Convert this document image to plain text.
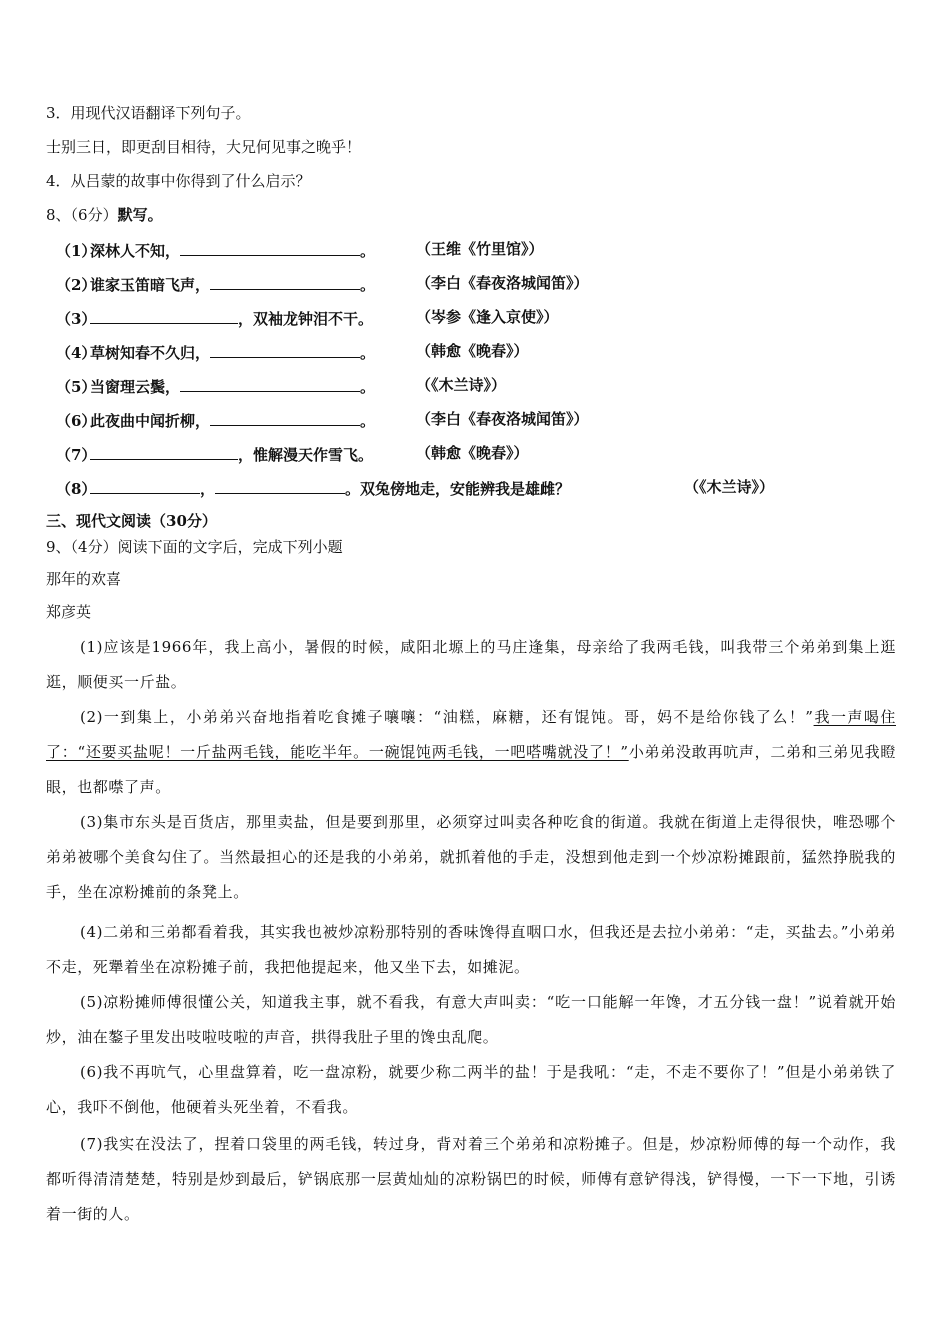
3．用现代汉语翻译下列句子。
士别三日，即更刮目相待，大兄何见事之晚乎！
4．从吕蒙的故事中你得到了什么启示？
8、（6分）默写。
（1）深林人不知，	。	（王维《竹里馆》）
（2）谁家玉笛暗飞声，	。	（李白《春夜洛城闻笛》）
（3）	，双袖龙钟泪不干。	（岑参《逢入京使》）
（4）草树知春不久归，	。	（韩愈《晚春》）
（5）当窗理云鬓，	。	（《木兰诗》）
（6）此夜曲中闻折柳，	。	（李白《春夜洛城闻笛》）
（7）	，惟解漫天作雪飞。	（韩愈《晚春》）
（8）	，	。双兔傍地走，安能辨我是雄雌？	（《木兰诗》）
三、现代文阅读（30分）
9、（4分）阅读下面的文字后，完成下列小题
那年的欢喜
郑彦英
(1)应该是1966年，我上高小，暑假的时候，咸阳北塬上的马庄逢集，母亲给了我两毛钱，叫我带三个弟弟到集上逛逛，顺便买一斤盐。
(2)一到集上，小弟弟兴奋地指着吃食摊子嚷嚷：“油糕，麻糖，还有馄饨。哥，妈不是给你钱了么！”我一声喝住了：“还要买盐呢！一斤盐两毛钱，能吃半年。一碗馄饨两毛钱，一吧嗒嘴就没了！”小弟弟没敢再吭声，二弟和三弟见我瞪眼，也都噤了声。
(3)集市东头是百货店，那里卖盐，但是要到那里，必须穿过叫卖各种吃食的街道。我就在街道上走得很快，唯恐哪个弟弟被哪个美食勾住了。当然最担心的还是我的小弟弟，就抓着他的手走，没想到他走到一个炒凉粉摊跟前，猛然挣脱我的手，坐在凉粉摊前的条凳上。
(4)二弟和三弟都看着我，其实我也被炒凉粉那特别的香味馋得直咽口水，但我还是去拉小弟弟：“走，买盐去。”小弟弟不走，死犟着坐在凉粉摊子前，我把他提起来，他又坐下去，如摊泥。
(5)凉粉摊师傅很懂公关，知道我主事，就不看我，有意大声叫卖：“吃一口能解一年馋，才五分钱一盘！”说着就开始炒，油在鏊子里发出吱啦吱啦的声音，拱得我肚子里的馋虫乱爬。
(6)我不再吭气，心里盘算着，吃一盘凉粉，就要少称二两半的盐！于是我吼：“走，不走不要你了！”但是小弟弟铁了心，我吓不倒他，他硬着头死坐着，不看我。
(7)我实在没法了，捏着口袋里的两毛钱，转过身，背对着三个弟弟和凉粉摊子。但是，炒凉粉师傅的每一个动作，我都听得清清楚楚，特别是炒到最后，铲锅底那一层黄灿灿的凉粉锅巴的时候，师傅有意铲得浅，铲得慢，一下一下地，引诱着一街的人。
